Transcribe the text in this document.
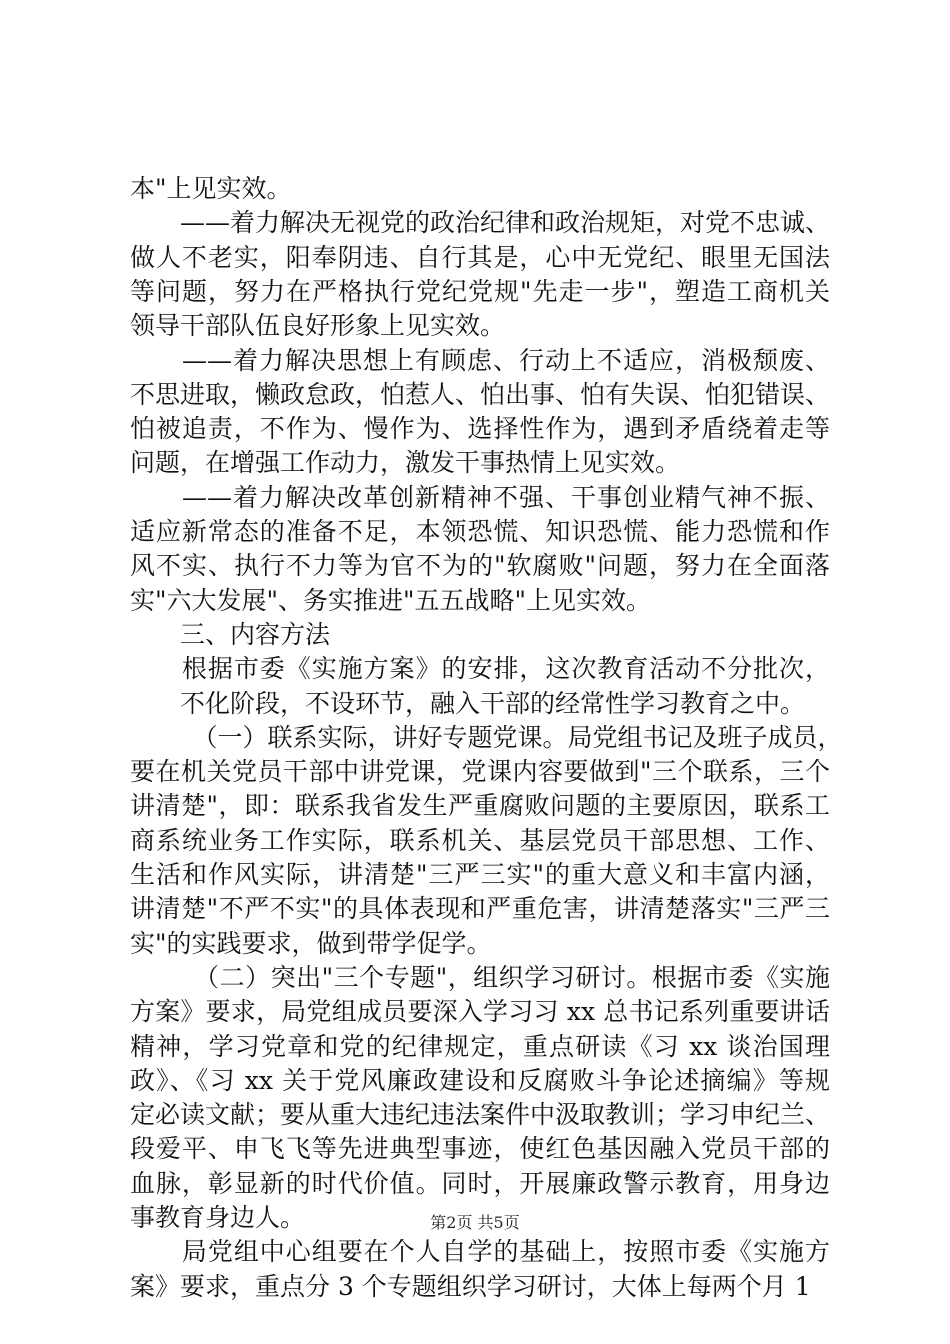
本"上见实效。
　　——着力解决无视党的政治纪律和政治规矩，对党不忠诚、
做人不老实，阳奉阴违、自行其是，心中无党纪、眼里无国法
等问题，努力在严格执行党纪党规"先走一步"，塑造工商机关
领导干部队伍良好形象上见实效。
　　——着力解决思想上有顾虑、行动上不适应，消极颓废、
不思进取，懒政怠政，怕惹人、怕出事、怕有失误、怕犯错误、
怕被追责，不作为、慢作为、选择性作为，遇到矛盾绕着走等
问题，在增强工作动力，激发干事热情上见实效。
　　——着力解决改革创新精神不强、干事创业精气神不振、
适应新常态的准备不足，本领恐慌、知识恐慌、能力恐慌和作
风不实、执行不力等为官不为的"软腐败"问题，努力在全面落
实"六大发展"、务实推进"五五战略"上见实效。
　　三、内容方法
　　根据市委《实施方案》的安排，这次教育活动不分批次，
　　不化阶段，不设环节，融入干部的经常性学习教育之中。
　　　（一）联系实际，讲好专题党课。局党组书记及班子成员，
要在机关党员干部中讲党课，党课内容要做到"三个联系，三个
讲清楚"，即：联系我省发生严重腐败问题的主要原因，联系工
商系统业务工作实际，联系机关、基层党员干部思想、工作、
生活和作风实际，讲清楚"三严三实"的重大意义和丰富内涵，
讲清楚"不严不实"的具体表现和严重危害，讲清楚落实"三严三
实"的实践要求，做到带学促学。
　　　（二）突出"三个专题"，组织学习研讨。根据市委《实施
方案》要求，局党组成员要深入学习习 xx 总书记系列重要讲话
精神，学习党章和党的纪律规定，重点研读《习 xx 谈治国理
政》、《习 xx 关于党风廉政建设和反腐败斗争论述摘编》等规
定必读文献；要从重大违纪违法案件中汲取教训；学习申纪兰、
段爱平、申飞飞等先进典型事迹，使红色基因融入党员干部的
血脉，彰显新的时代价值。同时，开展廉政警示教育，用身边
事教育身边人。
　　局党组中心组要在个人自学的基础上，按照市委《实施方
案》要求，重点分 3 个专题组织学习研讨，大体上每两个月 1
第2页 共5页
